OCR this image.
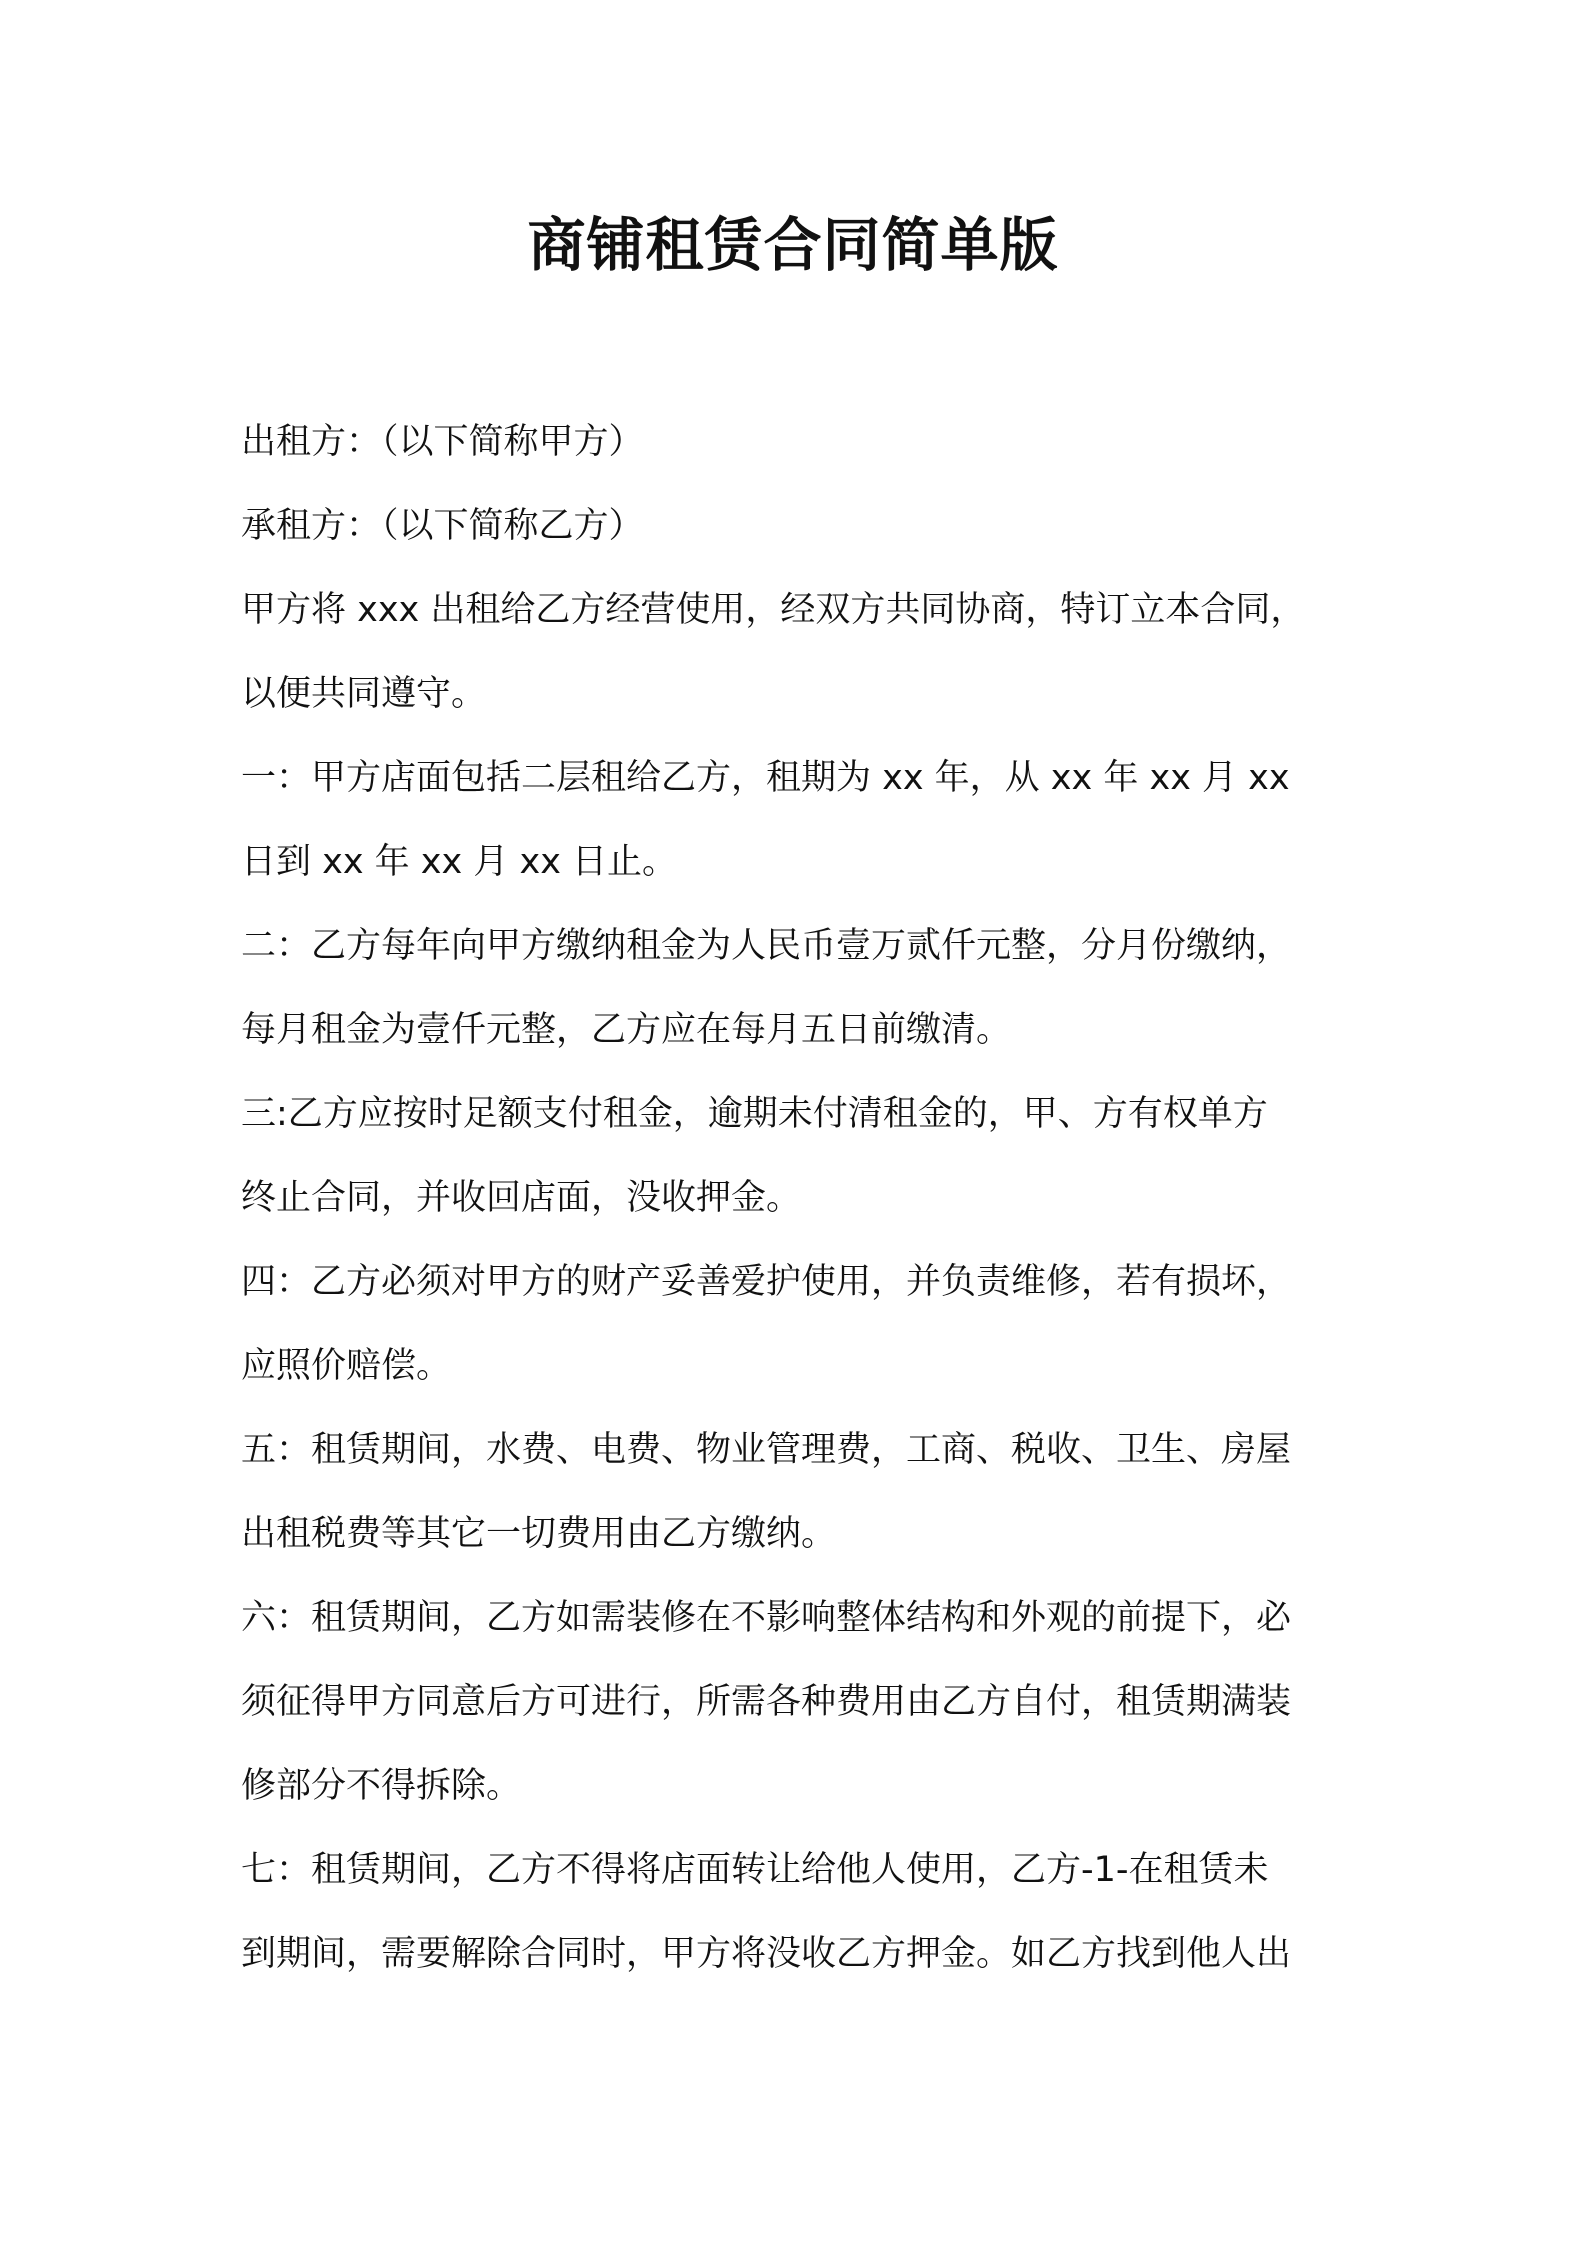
商铺租赁合同简单版

出租方：（以下简称甲方）

承租方：（以下简称乙方）

甲方将 xxx 出租给乙方经营使用，经双方共同协商，特订立本合同，
以便共同遵守。
一：甲方店面包括二层租给乙方，租期为 xx 年，从 xx 年 xx 月 xx
日到 xx 年 xx 月 xx 日止。
二：乙方每年向甲方缴纳租金为人民币壹万贰仟元整，分月份缴纳，
每月租金为壹仟元整，乙方应在每月五日前缴清。
三:乙方应按时足额支付租金，逾期未付清租金的，甲、方有权单方
终止合同，并收回店面，没收押金。
四：乙方必须对甲方的财产妥善爱护使用，并负责维修，若有损坏，
应照价赔偿。
五：租赁期间，水费、电费、物业管理费，工商、税收、卫生、房屋
出租税费等其它一切费用由乙方缴纳。
六：租赁期间，乙方如需装修在不影响整体结构和外观的前提下，必
须征得甲方同意后方可进行，所需各种费用由乙方自付，租赁期满装
修部分不得拆除。
七：租赁期间，乙方不得将店面转让给他人使用，乙方-1-在租赁未
到期间，需要解除合同时，甲方将没收乙方押金。如乙方找到他人出
